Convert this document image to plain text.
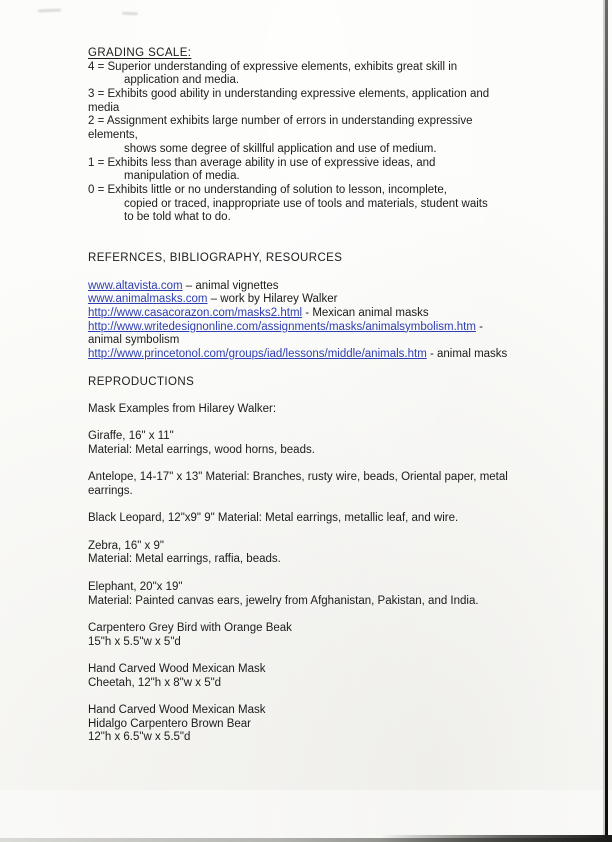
GRADING SCALE:
4 = Superior understanding of expressive elements, exhibits great skill in
application and media.
3 = Exhibits good ability in understanding expressive elements, application and
media
2 = Assignment exhibits large number of errors in understanding expressive
elements,
shows some degree of skillful application and use of medium.
1 = Exhibits less than average ability in use of expressive ideas, and
manipulation of media.
0 = Exhibits little or no understanding of solution to lesson, incomplete,
copied or traced, inappropriate use of tools and materials, student waits
to be told what to do.
REFERNCES, BIBLIOGRAPHY, RESOURCES
www.altavista.com – animal vignettes
www.animalmasks.com – work by Hilarey Walker
http://www.casacorazon.com/masks2.html - Mexican animal masks
http://www.writedesignonline.com/assignments/masks/animalsymbolism.htm -
animal symbolism
http://www.princetonol.com/groups/iad/lessons/middle/animals.htm - animal masks
REPRODUCTIONS
Mask Examples from Hilarey Walker:
Giraffe, 16" x 11"
Material: Metal earrings, wood horns, beads.
Antelope, 14-17" x 13" Material: Branches, rusty wire, beads, Oriental paper, metal
earrings.
Black Leopard, 12"x9" 9" Material: Metal earrings, metallic leaf, and wire.
Zebra, 16" x 9"
Material: Metal earrings, raffia, beads.
Elephant, 20"x 19"
Material: Painted canvas ears, jewelry from Afghanistan, Pakistan, and India.
Carpentero Grey Bird with Orange Beak
15"h x 5.5"w x 5"d
Hand Carved Wood Mexican Mask
Cheetah, 12"h x 8"w x 5"d
Hand Carved Wood Mexican Mask
Hidalgo Carpentero Brown Bear
12"h x 6.5"w x 5.5"d
